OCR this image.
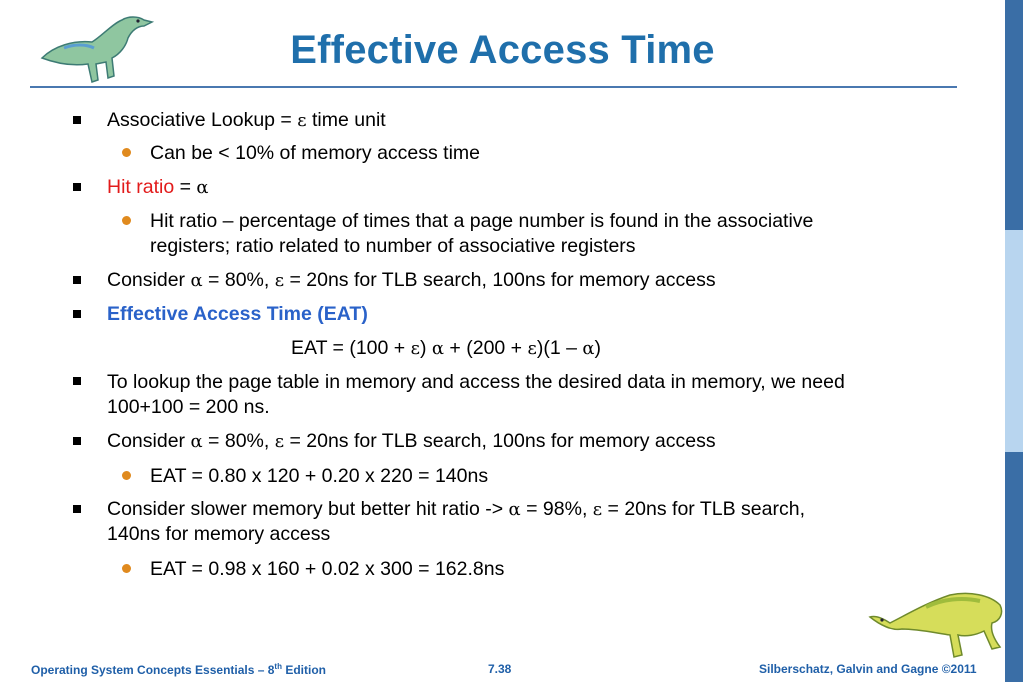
Effective Access Time
Associative Lookup = ε time unit
Can be < 10% of memory access time
Hit ratio = α
Hit ratio – percentage of times that a page number is found in the associative
registers; ratio related to number of associative registers
Consider α = 80%, ε = 20ns for TLB search, 100ns for memory access
Effective Access Time (EAT)
EAT = (100 + ε) α + (200 + ε)(1 – α)
To lookup the page table in memory and access the desired data in memory, we need
100+100 = 200 ns.
Consider α = 80%, ε = 20ns for TLB search, 100ns for memory access
EAT = 0.80 x 120 + 0.20 x 220 = 140ns
Consider slower memory but better hit ratio -> α = 98%, ε = 20ns for TLB search,
140ns for memory access
EAT = 0.98 x 160 + 0.02 x 300 = 162.8ns
Operating System Concepts Essentials – 8th Edition	7.38	Silberschatz, Galvin and Gagne ©2011
